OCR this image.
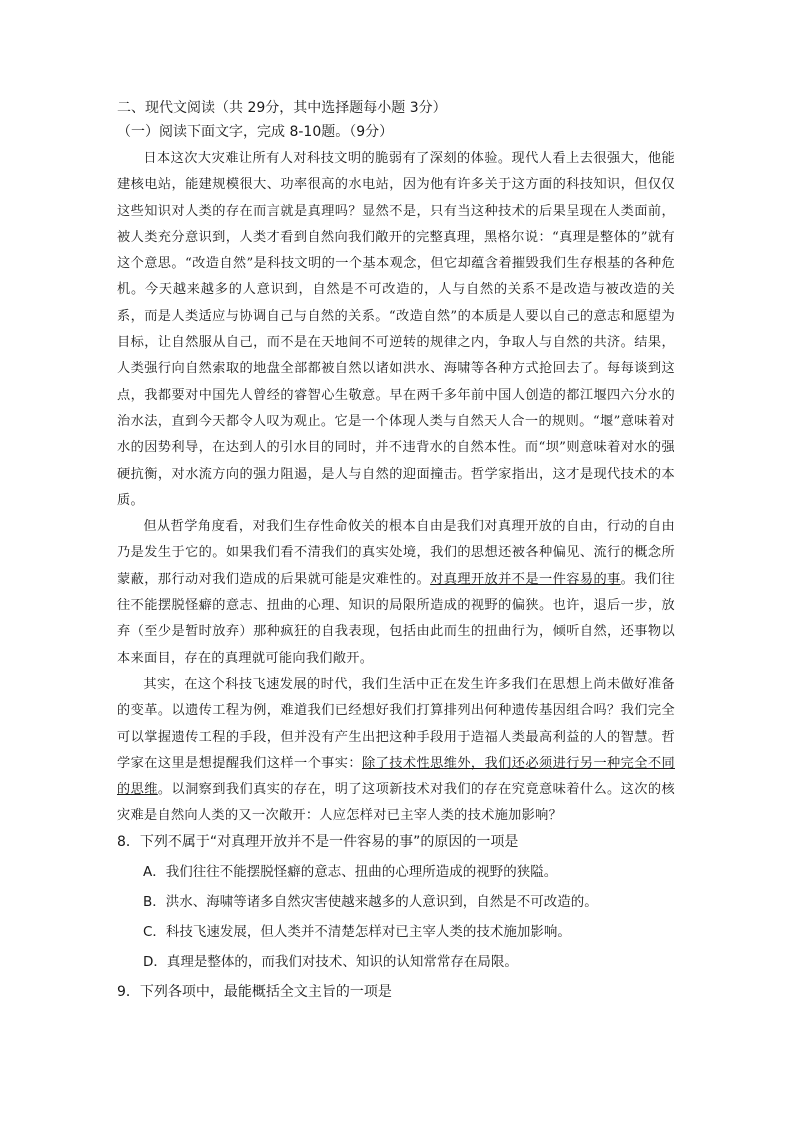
二、现代文阅读（共 29分，其中选择题每小题 3分）
（一）阅读下面文字，完成 8-10题。（9分）

日本这次大灾难让所有人对科技文明的脆弱有了深刻的体验。现代人看上去很强大，他能建核电站，能建规模很大、功率很高的水电站，因为他有许多关于这方面的科技知识，但仅仅这些知识对人类的存在而言就是真理吗？显然不是，只有当这种技术的后果呈现在人类面前，被人类充分意识到，人类才看到自然向我们敞开的完整真理，黑格尔说：“真理是整体的”就有这个意思。“改造自然”是科技文明的一个基本观念，但它却蕴含着摧毁我们生存根基的各种危机。今天越来越多的人意识到，自然是不可改造的，人与自然的关系不是改造与被改造的关系，而是人类适应与协调自己与自然的关系。“改造自然”的本质是人要以自己的意志和愿望为目标，让自然服从自己，而不是在天地间不可逆转的规律之内，争取人与自然的共济。结果，人类强行向自然索取的地盘全部都被自然以诸如洪水、海啸等各种方式抢回去了。每每谈到这点，我都要对中国先人曾经的睿智心生敬意。早在两千多年前中国人创造的都江堰四六分水的治水法，直到今天都令人叹为观止。它是一个体现人类与自然天人合一的规则。“堰”意味着对水的因势利导，在达到人的引水目的同时，并不违背水的自然本性。而“坝”则意味着对水的强硬抗衡，对水流方向的强力阻遏，是人与自然的迎面撞击。哲学家指出，这才是现代技术的本质。

但从哲学角度看，对我们生存性命攸关的根本自由是我们对真理开放的自由，行动的自由乃是发生于它的。如果我们看不清我们的真实处境，我们的思想还被各种偏见、流行的概念所蒙蔽，那行动对我们造成的后果就可能是灾难性的。对真理开放并不是一件容易的事。我们往往不能摆脱怪癖的意志、扭曲的心理、知识的局限所造成的视野的偏狭。也许，退后一步，放弃（至少是暂时放弃）那种疯狂的自我表现，包括由此而生的扭曲行为，倾听自然，还事物以本来面目，存在的真理就可能向我们敞开。

其实，在这个科技飞速发展的时代，我们生活中正在发生许多我们在思想上尚未做好准备的变革。以遗传工程为例，难道我们已经想好我们打算排列出何种遗传基因组合吗？我们完全可以掌握遗传工程的手段，但并没有产生出把这种手段用于造福人类最高利益的人的智慧。哲学家在这里是想提醒我们这样一个事实：除了技术性思维外，我们还必须进行另一种完全不同的思维。以洞察到我们真实的存在，明了这项新技术对我们的存在究竟意味着什么。这次的核灾难是自然向人类的又一次敞开：人应怎样对已主宰人类的技术施加影响？

8．下列不属于“对真理开放并不是一件容易的事”的原因的一项是
A．我们往往不能摆脱怪癖的意志、扭曲的心理所造成的视野的狭隘。
B．洪水、海啸等诸多自然灾害使越来越多的人意识到，自然是不可改造的。
C．科技飞速发展，但人类并不清楚怎样对已主宰人类的技术施加影响。
D．真理是整体的，而我们对技术、知识的认知常常存在局限。
9．下列各项中，最能概括全文主旨的一项是
